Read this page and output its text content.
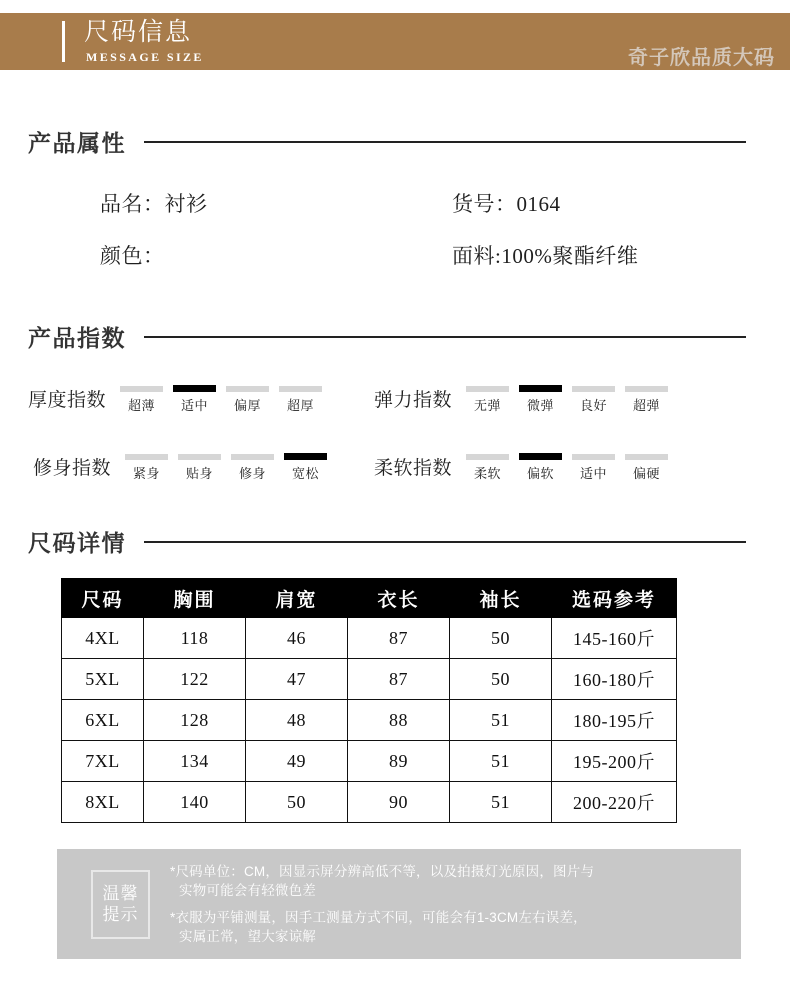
尺码信息
MESSAGE SIZE	奇子欣品质大码
产品属性
品名：衬衫	货号：0164
颜色：	面料:100%聚酯纤维
产品指数
厚度指数	超薄	适中	偏厚	超厚	弹力指数	无弹	微弹	良好	超弹
修身指数	紧身	贴身	修身	宽松	柔软指数	柔软	偏软	适中	偏硬
尺码详情
尺码	胸围	肩宽	衣长	袖长	选码参考
4XL	118	46	87	50	145-160斤
5XL	122	47	87	50	160-180斤
6XL	128	48	88	51	180-195斤
7XL	134	49	89	51	195-200斤
8XL	140	50	90	51	200-220斤
温馨
提示
*尺码单位：CM，因显示屏分辨高低不等，以及拍摄灯光原因，图片与
实物可能会有轻微色差
*衣服为平铺测量，因手工测量方式不同，可能会有1-3CM左右误差，
实属正常，望大家谅解
